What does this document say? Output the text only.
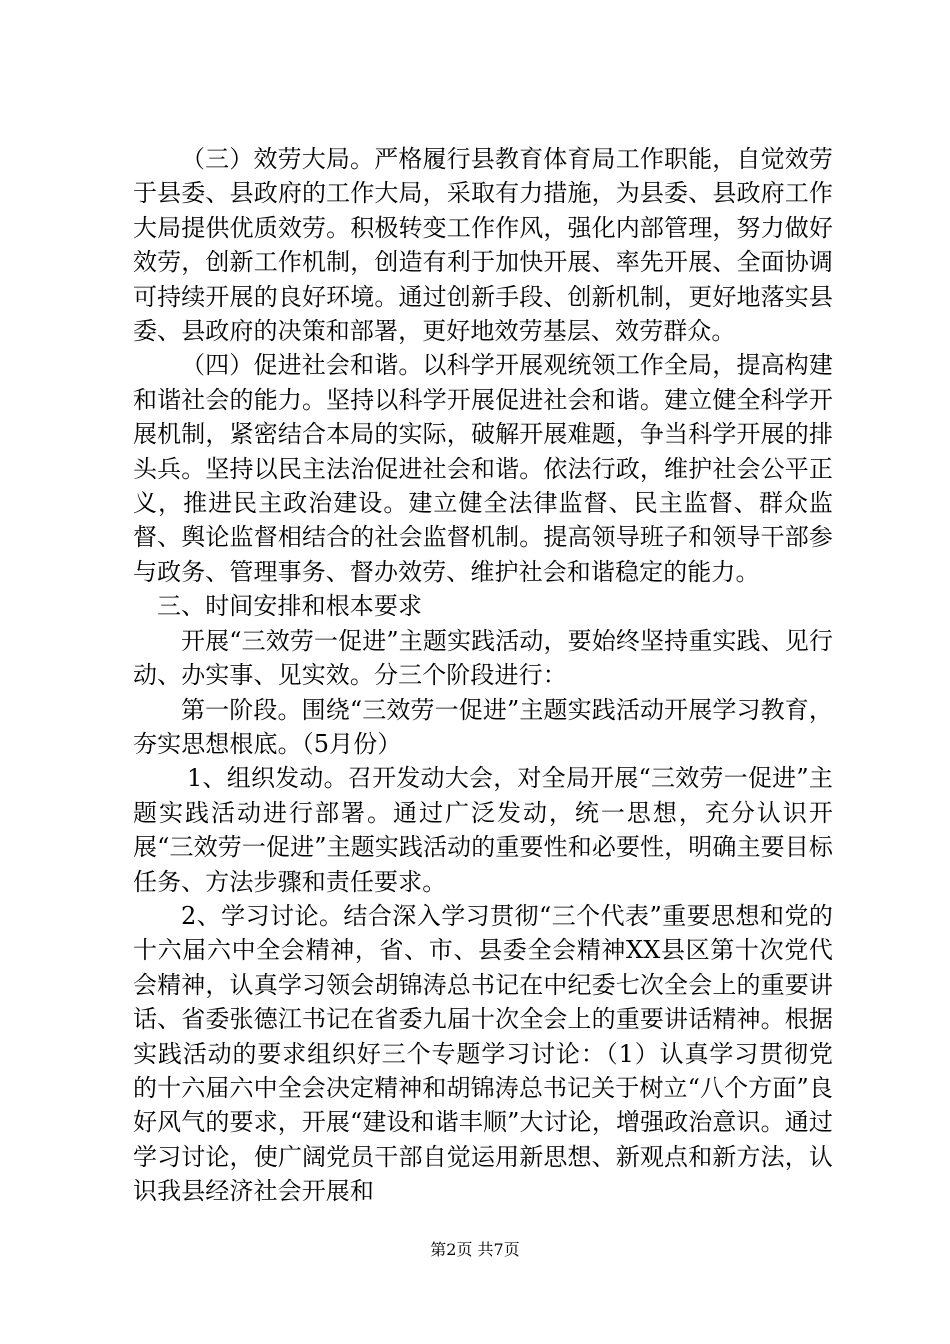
（三）效劳大局。严格履行县教育体育局工作职能，自觉效劳于县委、县政府的工作大局，采取有力措施，为县委、县政府工作大局提供优质效劳。积极转变工作作风，强化内部管理，努力做好效劳，创新工作机制，创造有利于加快开展、率先开展、全面协调可持续开展的良好环境。通过创新手段、创新机制，更好地落实县委、县政府的决策和部署，更好地效劳基层、效劳群众。

（四）促进社会和谐。以科学开展观统领工作全局，提高构建和谐社会的能力。坚持以科学开展促进社会和谐。建立健全科学开展机制，紧密结合本局的实际，破解开展难题，争当科学开展的排头兵。坚持以民主法治促进社会和谐。依法行政，维护社会公平正义，推进民主政治建设。建立健全法律监督、民主监督、群众监督、舆论监督相结合的社会监督机制。提高领导班子和领导干部参与政务、管理事务、督办效劳、维护社会和谐稳定的能力。

三、时间安排和根本要求

开展“三效劳一促进”主题实践活动，要始终坚持重实践、见行动、办实事、见实效。分三个阶段进行：

第一阶段。围绕“三效劳一促进”主题实践活动开展学习教育，夯实思想根底。（5月份）

1、组织发动。召开发动大会，对全局开展“三效劳一促进”主题实践活动进行部署。通过广泛发动，统一思想，充分认识开展“三效劳一促进”主题实践活动的重要性和必要性，明确主要目标任务、方法步骤和责任要求。

2、学习讨论。结合深入学习贯彻“三个代表”重要思想和党的十六届六中全会精神，省、市、县委全会精神XX县区第十次党代会精神，认真学习领会胡锦涛总书记在中纪委七次全会上的重要讲话、省委张德江书记在省委九届十次全会上的重要讲话精神。根据实践活动的要求组织好三个专题学习讨论：（1）认真学习贯彻党的十六届六中全会决定精神和胡锦涛总书记关于树立“八个方面”良好风气的要求，开展“建设和谐丰顺”大讨论，增强政治意识。通过学习讨论，使广阔党员干部自觉运用新思想、新观点和新方法，认识我县经济社会开展和

第2页 共7页
